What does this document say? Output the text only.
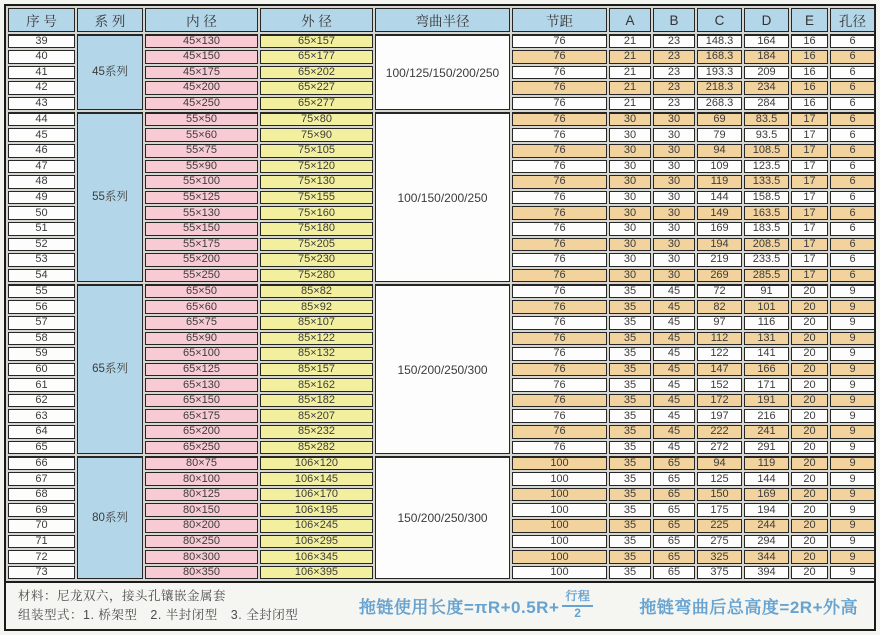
序 号	系 列	内 径	外 径	弯曲半径	节距	A	B	C	D	E	孔径
39	45系列	45×130	65×157	100/125/150/200/250	76	21	23	148.3	164	16	6
40		45×150	65×177		76	21	23	168.3	184	16	6
41		45×175	65×202		76	21	23	193.3	209	16	6
42		45×200	65×227		76	21	23	218.3	234	16	6
43		45×250	65×277		76	21	23	268.3	284	16	6
44	55系列	55×50	75×80	100/150/200/250	76	30	30	69	83.5	17	6
45		55×60	75×90		76	30	30	79	93.5	17	6
46		55×75	75×105		76	30	30	94	108.5	17	6
47		55×90	75×120		76	30	30	109	123.5	17	6
48		55×100	75×130		76	30	30	119	133.5	17	6
49		55×125	75×155		76	30	30	144	158.5	17	6
50		55×130	75×160		76	30	30	149	163.5	17	6
51		55×150	75×180		76	30	30	169	183.5	17	6
52		55×175	75×205		76	30	30	194	208.5	17	6
53		55×200	75×230		76	30	30	219	233.5	17	6
54		55×250	75×280		76	30	30	269	285.5	17	6
55	65系列	65×50	85×82	150/200/250/300	76	35	45	72	91	20	9
56		65×60	85×92		76	35	45	82	101	20	9
57		65×75	85×107		76	35	45	97	116	20	9
58		65×90	85×122		76	35	45	112	131	20	9
59		65×100	85×132		76	35	45	122	141	20	9
60		65×125	85×157		76	35	45	147	166	20	9
61		65×130	85×162		76	35	45	152	171	20	9
62		65×150	85×182		76	35	45	172	191	20	9
63		65×175	85×207		76	35	45	197	216	20	9
64		65×200	85×232		76	35	45	222	241	20	9
65		65×250	85×282		76	35	45	272	291	20	9
66	80系列	80×75	106×120	150/200/250/300	100	35	65	94	119	20	9
67		80×100	106×145		100	35	65	125	144	20	9
68		80×125	106×170		100	35	65	150	169	20	9
69		80×150	106×195		100	35	65	175	194	20	9
70		80×200	106×245		100	35	65	225	244	20	9
71		80×250	106×295		100	35	65	275	294	20	9
72		80×300	106×345		100	35	65	325	344	20	9
73		80×350	106×395		100	35	65	375	394	20	9
材料：尼龙双六，接头孔镶嵌金属套
组装型式：1. 桥架型　2. 半封闭型　3. 全封闭型	拖链使用长度$=\pi R+0.5R+ \frac{\text{行程}}{2}$	拖链弯曲后总高度=2R+外高
